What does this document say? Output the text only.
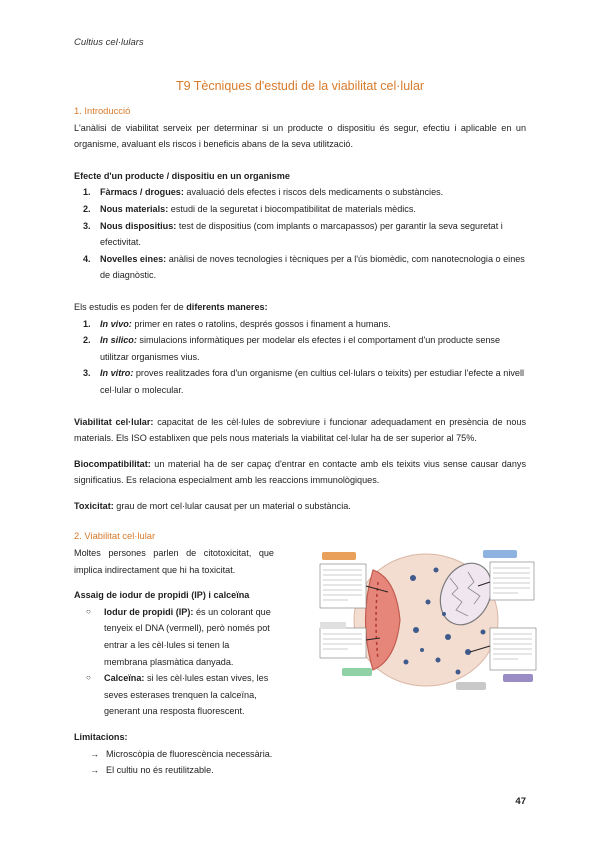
Cultius cel·lulars
T9 Tècniques d'estudi de la viabilitat cel·lular
1. Introducció

L'anàlisi de viabilitat serveix per determinar si un producte o dispositiu és segur, efectiu i aplicable en un organisme, avaluant els riscos i beneficis abans de la seva utilització.

Efecte d'un producte / dispositiu en un organisme

1. Fàrmacs / drogues: avaluació dels efectes i riscos dels medicaments o substàncies.
2. Nous materials: estudi de la seguretat i biocompatibilitat de materials mèdics.
3. Nous dispositius: test de dispositius (com implants o marcapassos) per garantir la seva seguretat i efectivitat.
4. Novelles eines: anàlisi de noves tecnologies i tècniques per a l'ús biomèdic, com nanotecnologia o eines de diagnòstic.

Els estudis es poden fer de diferents maneres:

1. In vivo: primer en rates o ratolins, després gossos i finament a humans.
2. In silico: simulacions informàtiques per modelar els efectes i el comportament d'un producte sense utilitzar organismes vius.
3. In vitro: proves realitzades fora d'un organisme (en cultius cel·lulars o teixits) per estudiar l'efecte a nivell cel·lular o molecular.

Viabilitat cel·lular: capacitat de les cèl·lules de sobreviure i funcionar adequadament en presència de nous materials. Els ISO establixen que pels nous materials la viabilitat cel·lular ha de ser superior al 75%.

Biocompatibilitat: un material ha de ser capaç d'entrar en contacte amb els teixits vius sense causar danys significatius. Es relaciona especialment amb les reaccions immunològiques.

Toxicitat: grau de mort cel·lular causat per un material o substància.

2. Viabilitat cel·lular

Moltes persones parlen de citotoxicitat, que implica indirectament que hi ha toxicitat.

Assaig de iodur de propidi (IP) i calceïna

○ Iodur de propidi (IP): és un colorant que tenyeix el DNA (vermell), però només pot entrar a les cèl·lules si tenen la membrana plasmàtica danyada.
○ Calceïna: si les cèl·lules estan vives, les seves esterases trenquen la calceïna, generant una resposta fluorescent.

Limitacions:

→ Microscòpia de fluorescència necessària.
→ El cultiu no és reutilitzable.
47
